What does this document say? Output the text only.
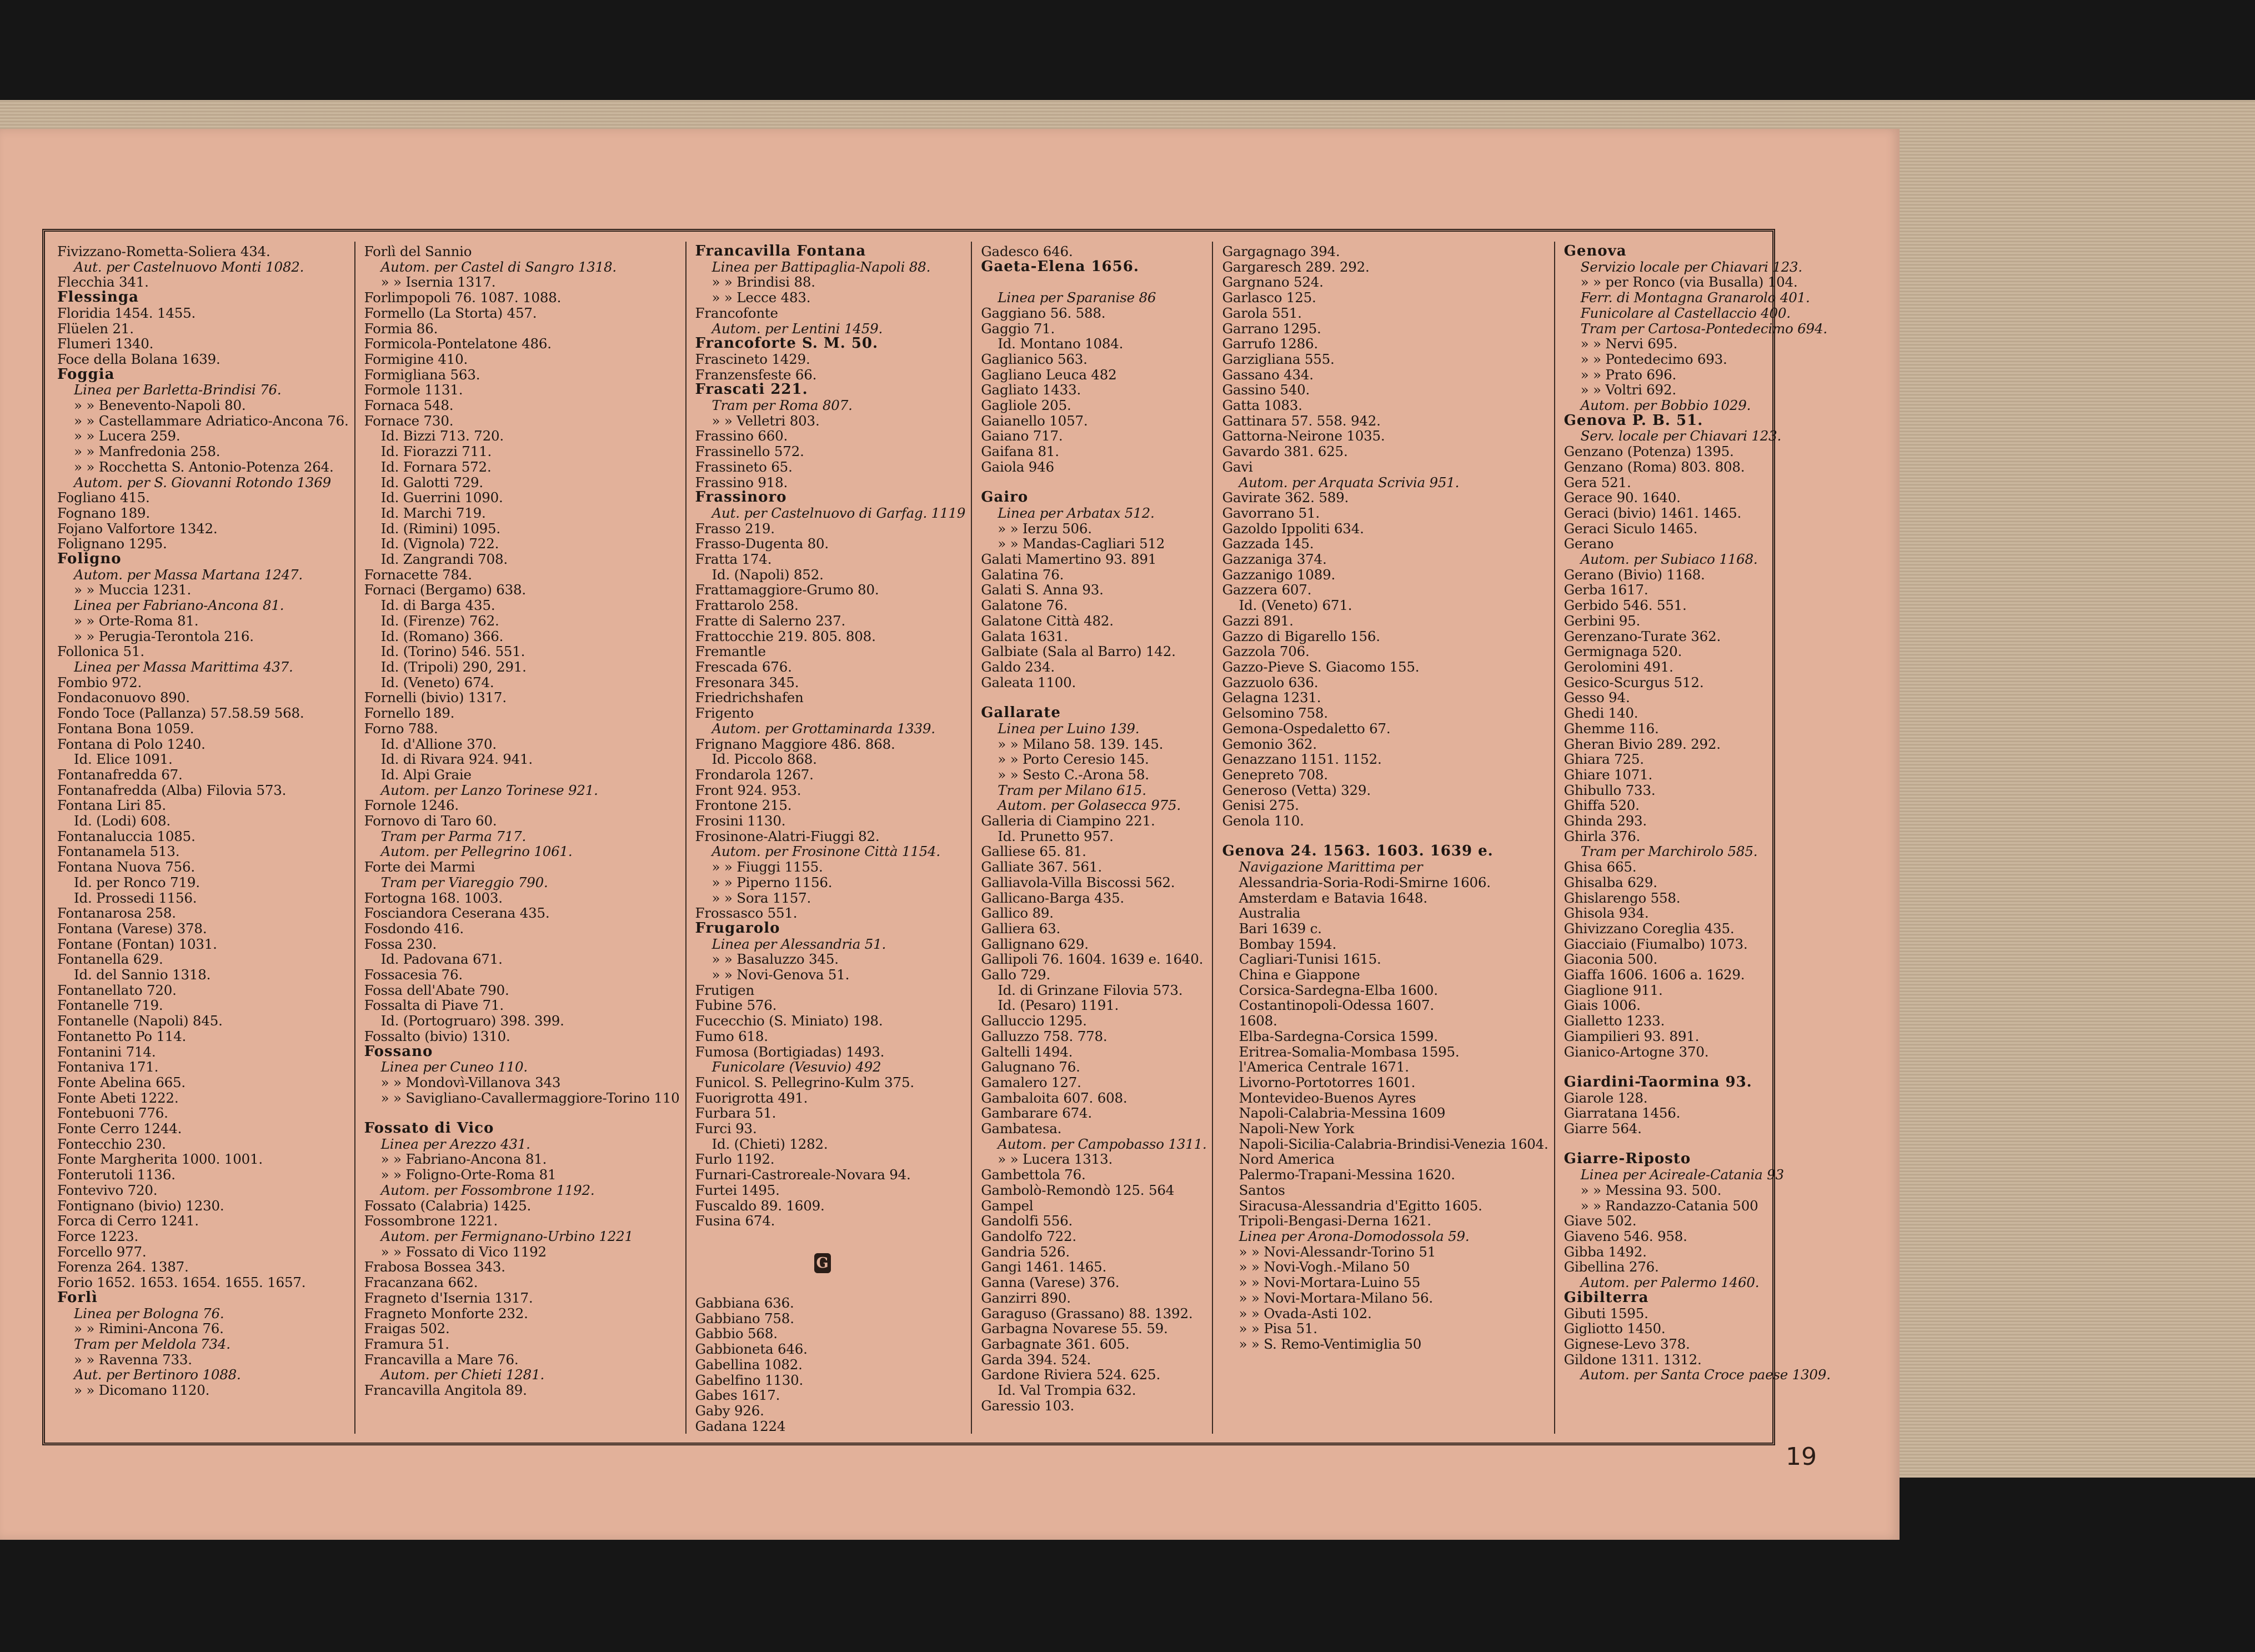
Fivizzano-Rometta-Soliera 434.
Aut. per Castelnuovo Monti 1082.
Flecchia 341.
Flessinga
Floridia 1454. 1455.
Flüelen 21.
Flumeri 1340.
Foce della Bolana 1639.
Foggia
Linea per Barletta-Brindisi 76.
» » Benevento-Napoli 80.
» » Castellammare Adriatico-Ancona 76.
» » Lucera 259.
» » Manfredonia 258.
» » Rocchetta S. Antonio-Potenza 264.
Autom. per S. Giovanni Rotondo 1369
Fogliano 415.
Fognano 189.
Fojano Valfortore 1342.
Folignano 1295.
Foligno
Autom. per Massa Martana 1247.
» » Muccia 1231.
Linea per Fabriano-Ancona 81.
» » Orte-Roma 81.
» » Perugia-Terontola 216.
Follonica 51.
Linea per Massa Marittima 437.
Fombio 972.
Fondaconuovo 890.
Fondo Toce (Pallanza) 57.58.59 568.
Fontana Bona 1059.
Fontana di Polo 1240.
Id. Elice 1091.
Fontanafredda 67.
Fontanafredda (Alba) Filovia 573.
Fontana Liri 85.
Id. (Lodi) 608.
Fontanaluccia 1085.
Fontanamela 513.
Fontana Nuova 756.
Id. per Ronco 719.
Id. Prossedi 1156.
Fontanarosa 258.
Fontana (Varese) 378.
Fontane (Fontan) 1031.
Fontanella 629.
Id. del Sannio 1318.
Fontanellato 720.
Fontanelle 719.
Fontanelle (Napoli) 845.
Fontanetto Po 114.
Fontanini 714.
Fontaniva 171.
Fonte Abelina 665.
Fonte Abeti 1222.
Fontebuoni 776.
Fonte Cerro 1244.
Fontecchio 230.
Fonte Margherita 1000. 1001.
Fonterutoli 1136.
Fontevivo 720.
Fontignano (bivio) 1230.
Forca di Cerro 1241.
Force 1223.
Forcello 977.
Forenza 264. 1387.
Forio 1652. 1653. 1654. 1655. 1657.
Forlì
Linea per Bologna 76.
» » Rimini-Ancona 76.
Tram per Meldola 734.
» » Ravenna 733.
Aut. per Bertinoro 1088.
» » Dicomano 1120.
Forlì del Sannio
Autom. per Castel di Sangro 1318.
» » Isernia 1317.
Forlimpopoli 76. 1087. 1088.
Formello (La Storta) 457.
Formia 86.
Formicola-Pontelatone 486.
Formigine 410.
Formigliana 563.
Formole 1131.
Fornaca 548.
Fornace 730.
Id. Bizzi 713. 720.
Id. Fiorazzi 711.
Id. Fornara 572.
Id. Galotti 729.
Id. Guerrini 1090.
Id. Marchi 719.
Id. (Rimini) 1095.
Id. (Vignola) 722.
Id. Zangrandi 708.
Fornacette 784.
Fornaci (Bergamo) 638.
Id. di Barga 435.
Id. (Firenze) 762.
Id. (Romano) 366.
Id. (Torino) 546. 551.
Id. (Tripoli) 290, 291.
Id. (Veneto) 674.
Fornelli (bivio) 1317.
Fornello 189.
Forno 788.
Id. d'Allione 370.
Id. di Rivara 924. 941.
Id. Alpi Graie
Autom. per Lanzo Torinese 921.
Fornole 1246.
Fornovo di Taro 60.
Tram per Parma 717.
Autom. per Pellegrino 1061.
Forte dei Marmi
Tram per Viareggio 790.
Fortogna 168. 1003.
Fosciandora Ceserana 435.
Fosdondo 416.
Fossa 230.
Id. Padovana 671.
Fossacesia 76.
Fossa dell'Abate 790.
Fossalta di Piave 71.
Id. (Portogruaro) 398. 399.
Fossalto (bivio) 1310.
Fossano
Linea per Cuneo 110.
» » Mondovì-Villanova 343
» » Savigliano-Cavallermaggiore-Torino 110

Fossato di Vico
Linea per Arezzo 431.
» » Fabriano-Ancona 81.
» » Foligno-Orte-Roma 81
Autom. per Fossombrone 1192.
Fossato (Calabria) 1425.
Fossombrone 1221.
Autom. per Fermignano-Urbino 1221
» » Fossato di Vico 1192
Frabosa Bossea 343.
Fracanzana 662.
Fragneto d'Isernia 1317.
Fragneto Monforte 232.
Fraigas 502.
Framura 51.
Francavilla a Mare 76.
Autom. per Chieti 1281.
Francavilla Angitola 89.
Francavilla Fontana
Linea per Battipaglia-Napoli 88.
» » Brindisi 88.
» » Lecce 483.
Francofonte
Autom. per Lentini 1459.
Francoforte S. M. 50.
Frascineto 1429.
Franzensfeste 66.
Frascati 221.
Tram per Roma 807.
» » Velletri 803.
Frassino 660.
Frassinello 572.
Frassineto 65.
Frassino 918.
Frassinoro
Aut. per Castelnuovo di Garfag. 1119
Frasso 219.
Frasso-Dugenta 80.
Fratta 174.
Id. (Napoli) 852.
Frattamaggiore-Grumo 80.
Frattarolo 258.
Fratte di Salerno 237.
Frattocchie 219. 805. 808.
Fremantle
Frescada 676.
Fresonara 345.
Friedrichshafen
Frigento
Autom. per Grottaminarda 1339.
Frignano Maggiore 486. 868.
Id. Piccolo 868.
Frondarola 1267.
Front 924. 953.
Frontone 215.
Frosini 1130.
Frosinone-Alatri-Fiuggi 82.
Autom. per Frosinone Città 1154.
» » Fiuggi 1155.
» » Piperno 1156.
» » Sora 1157.
Frossasco 551.
Frugarolo
Linea per Alessandria 51.
» » Basaluzzo 345.
» » Novi-Genova 51.
Frutigen
Fubine 576.
Fucecchio (S. Miniato) 198.
Fumo 618.
Fumosa (Bortigiadas) 1493.
Funicolare (Vesuvio) 492
Funicol. S. Pellegrino-Kulm 375.
Fuorigrotta 491.
Furbara 51.
Furci 93.
Id. (Chieti) 1282.
Furlo 1192.
Furnari-Castroreale-Novara 94.
Furtei 1495.
Fuscaldo 89. 1609.
Fusina 674.
G
Gabbiana 636.
Gabbiano 758.
Gabbio 568.
Gabbioneta 646.
Gabellina 1082.
Gabelfino 1130.
Gabes 1617.
Gaby 926.
Gadana 1224
Gadesco 646.
Gaeta-Elena 1656.

Linea per Sparanise 86
Gaggiano 56. 588.
Gaggio 71.
Id. Montano 1084.
Gaglianico 563.
Gagliano Leuca 482
Gagliato 1433.
Gagliole 205.
Gaianello 1057.
Gaiano 717.
Gaifana 81.
Gaiola 946

Gairo
Linea per Arbatax 512.
» » Ierzu 506.
» » Mandas-Cagliari 512
Galati Mamertino 93. 891
Galatina 76.
Galati S. Anna 93.
Galatone 76.
Galatone Città 482.
Galata 1631.
Galbiate (Sala al Barro) 142.
Galdo 234.
Galeata 1100.

Gallarate
Linea per Luino 139.
» » Milano 58. 139. 145.
» » Porto Ceresio 145.
» » Sesto C.-Arona 58.
Tram per Milano 615.
Autom. per Golasecca 975.
Galleria di Ciampino 221.
Id. Prunetto 957.
Galliese 65. 81.
Galliate 367. 561.
Galliavola-Villa Biscossi 562.
Gallicano-Barga 435.
Gallico 89.
Galliera 63.
Gallignano 629.
Gallipoli 76. 1604. 1639 e. 1640.
Gallo 729.
Id. di Grinzane Filovia 573.
Id. (Pesaro) 1191.
Galluccio 1295.
Galluzzo 758. 778.
Galtelli 1494.
Galugnano 76.
Gamalero 127.
Gambaloita 607. 608.
Gambarare 674.
Gambatesa.
Autom. per Campobasso 1311.
» » Lucera 1313.
Gambettola 76.
Gambolò-Remondò 125. 564
Gampel
Gandolfi 556.
Gandolfo 722.
Gandria 526.
Gangi 1461. 1465.
Ganna (Varese) 376.
Ganzirri 890.
Garaguso (Grassano) 88. 1392.
Garbagna Novarese 55. 59.
Garbagnate 361. 605.
Garda 394. 524.
Gardone Riviera 524. 625.
Id. Val Trompia 632.
Garessio 103.
Gargagnago 394.
Gargaresch 289. 292.
Gargnano 524.
Garlasco 125.
Garola 551.
Garrano 1295.
Garrufo 1286.
Garzigliana 555.
Gassano 434.
Gassino 540.
Gatta 1083.
Gattinara 57. 558. 942.
Gattorna-Neirone 1035.
Gavardo 381. 625.
Gavi
Autom. per Arquata Scrivia 951.
Gavirate 362. 589.
Gavorrano 51.
Gazoldo Ippoliti 634.
Gazzada 145.
Gazzaniga 374.
Gazzanigo 1089.
Gazzera 607.
Id. (Veneto) 671.
Gazzi 891.
Gazzo di Bigarello 156.
Gazzola 706.
Gazzo-Pieve S. Giacomo 155.
Gazzuolo 636.
Gelagna 1231.
Gelsomino 758.
Gemona-Ospedaletto 67.
Gemonio 362.
Genazzano 1151. 1152.
Genepreto 708.
Generoso (Vetta) 329.
Genisi 275.
Genola 110.

Genova 24. 1563. 1603. 1639 e.
Navigazione Marittima per
Alessandria-Soria-Rodi-Smirne 1606.
Amsterdam e Batavia 1648.
Australia
Bari 1639 c.
Bombay 1594.
Cagliari-Tunisi 1615.
China e Giappone
Corsica-Sardegna-Elba 1600.
Costantinopoli-Odessa 1607.
1608.
Elba-Sardegna-Corsica 1599.
Eritrea-Somalia-Mombasa 1595.
l'America Centrale 1671.
Livorno-Portotorres 1601.
Montevideo-Buenos Ayres
Napoli-Calabria-Messina 1609
Napoli-New York
Napoli-Sicilia-Calabria-Brindisi-Venezia 1604.
Nord America
Palermo-Trapani-Messina 1620.
Santos
Siracusa-Alessandria d'Egitto 1605.
Tripoli-Bengasi-Derna 1621.
Linea per Arona-Domodossola 59.
» » Novi-Alessandr-Torino 51
» » Novi-Vogh.-Milano 50
» » Novi-Mortara-Luino 55
» » Novi-Mortara-Milano 56.
» » Ovada-Asti 102.
» » Pisa 51.
» » S. Remo-Ventimiglia 50
Genova
Servizio locale per Chiavari 123.
» » per Ronco (via Busalla) 104.
Ferr. di Montagna Granarolo 401.
Funicolare al Castellaccio 400.
Tram per Cartosa-Pontedecimo 694.
» » Nervi 695.
» » Pontedecimo 693.
» » Prato 696.
» » Voltri 692.
Autom. per Bobbio 1029.
Genova P. B. 51.
Serv. locale per Chiavari 123.
Genzano (Potenza) 1395.
Genzano (Roma) 803. 808.
Gera 521.
Gerace 90. 1640.
Geraci (bivio) 1461. 1465.
Geraci Siculo 1465.
Gerano
Autom. per Subiaco 1168.
Gerano (Bivio) 1168.
Gerba 1617.
Gerbido 546. 551.
Gerbini 95.
Gerenzano-Turate 362.
Germignaga 520.
Gerolomini 491.
Gesico-Scurgus 512.
Gesso 94.
Ghedi 140.
Ghemme 116.
Gheran Bivio 289. 292.
Ghiara 725.
Ghiare 1071.
Ghibullo 733.
Ghiffa 520.
Ghinda 293.
Ghirla 376.
Tram per Marchirolo 585.
Ghisa 665.
Ghisalba 629.
Ghislarengo 558.
Ghisola 934.
Ghivizzano Coreglia 435.
Giacciaio (Fiumalbo) 1073.
Giaconia 500.
Giaffa 1606. 1606 a. 1629.
Giaglione 911.
Giais 1006.
Gialletto 1233.
Giampilieri 93. 891.
Gianico-Artogne 370.

Giardini-Taormina 93.
Giarole 128.
Giarratana 1456.
Giarre 564.

Giarre-Riposto
Linea per Acireale-Catania 93
» » Messina 93. 500.
» » Randazzo-Catania 500
Giave 502.
Giaveno 546. 958.
Gibba 1492.
Gibellina 276.
Autom. per Palermo 1460.
Gibilterra
Gibuti 1595.
Gigliotto 1450.
Gignese-Levo 378.
Gildone 1311. 1312.
Autom. per Santa Croce paese 1309.
19
